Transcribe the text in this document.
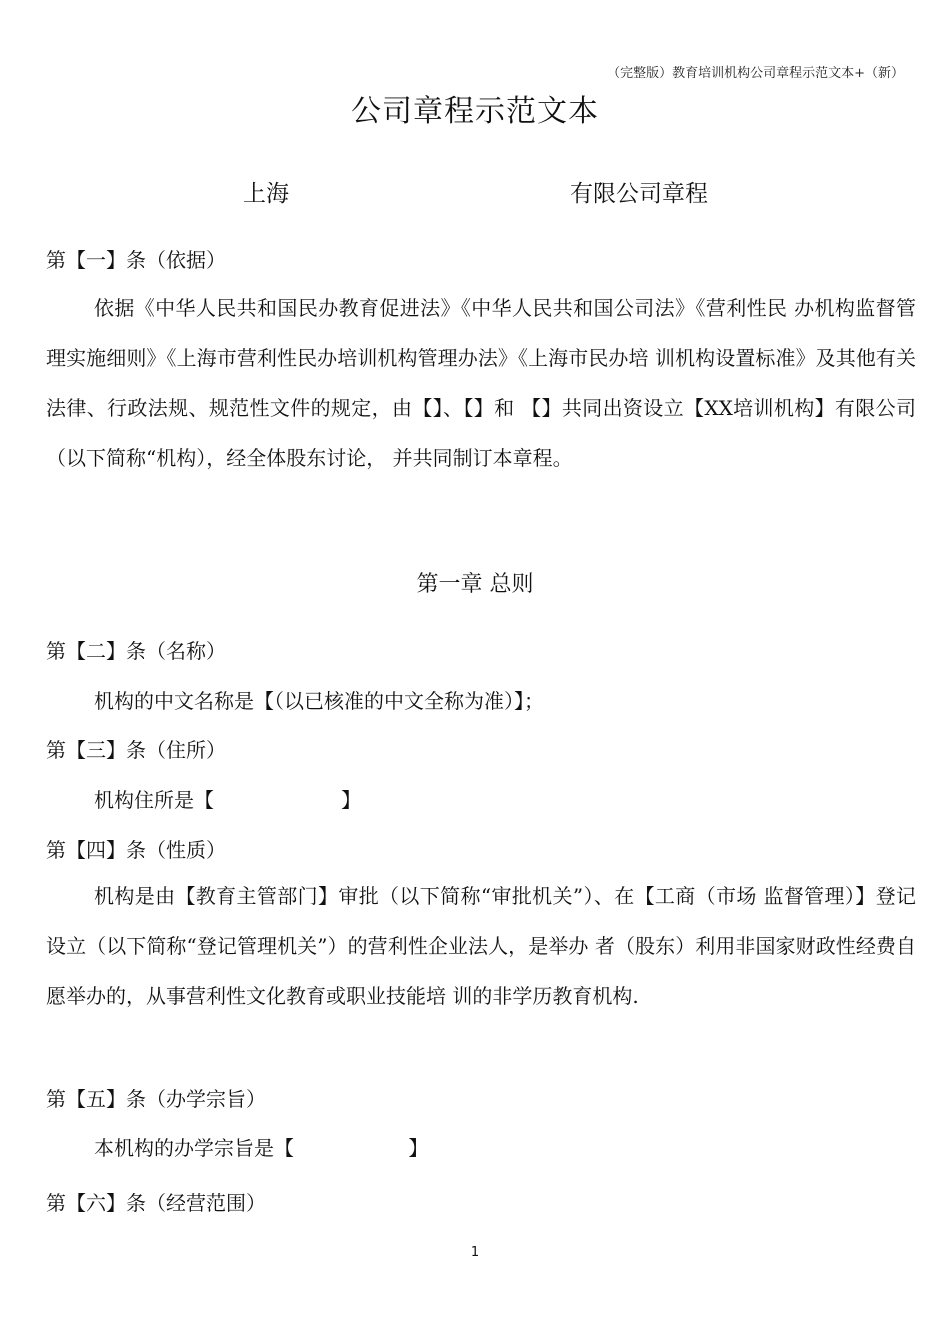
（完整版）教育培训机构公司章程示范文本+（新）
公司章程示范文本
上海	有限公司章程
第【一】条（依据）
依据《中华人民共和国民办教育促进法》《中华人民共和国公司法》《营利性民 办机构监督管理实施细则》《上海市营利性民办培训机构管理办法》《上海市民办培 训机构设置标准》及其他有关法律、行政法规、规范性文件的规定，由【】、【】和 【】共同出资设立【XX培训机构】有限公司（以下简称“机构），经全体股东讨论， 并共同制订本章程。
第一章 总则
第【二】条（名称）
机构的中文名称是【（以已核准的中文全称为准）】；
第【三】条（住所）
机构住所是【                    】
第【四】条（性质）
机构是由【教育主管部门】审批（以下简称“审批机关”）、在【工商（市场 监督管理）】登记设立（以下简称“登记管理机关”）的营利性企业法人，是举办 者（股东）利用非国家财政性经费自愿举办的，从事营利性文化教育或职业技能培 训的非学历教育机构.
第【五】条（办学宗旨）
本机构的办学宗旨是【                  】
第【六】条（经营范围）
1
